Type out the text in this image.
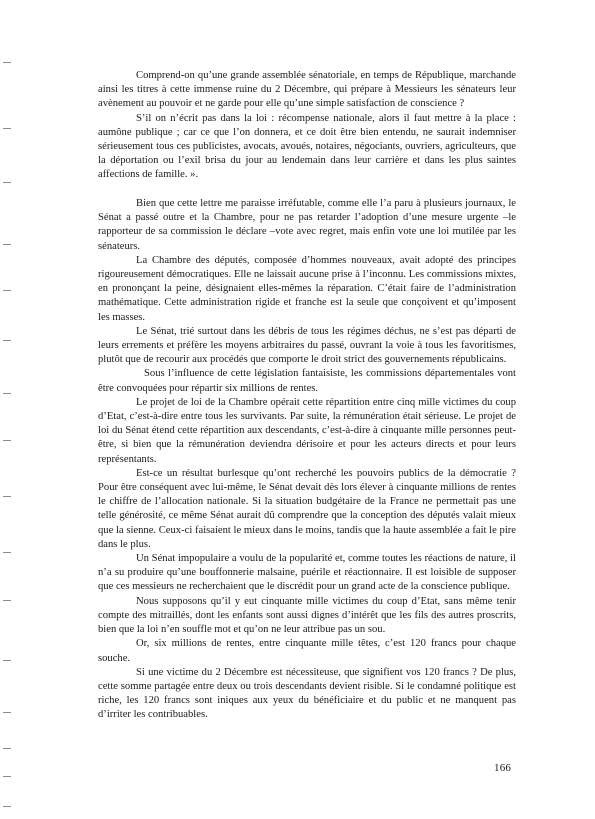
Comprend-on qu’une grande assemblée sénatoriale, en temps de République, marchande ainsi les titres à cette immense ruine du 2 Décembre, qui prépare à Messieurs les sénateurs leur avènement au pouvoir et ne garde pour elle qu’une simple satisfaction de conscience ?

S’il on n’écrit pas dans la loi : récompense nationale, alors il faut mettre à la place : aumône publique ; car ce que l’on donnera, et ce doit être bien entendu, ne saurait indemniser sérieusement tous ces publicistes, avocats, avoués, notaires, négociants, ouvriers, agriculteurs, que la déportation ou l’exil brisa du jour au lendemain dans leur carrière et dans les plus saintes affections de famille. ».

Bien que cette lettre me paraisse irréfutable, comme elle l’a paru à plusieurs journaux, le Sénat a passé outre et la Chambre, pour ne pas retarder l’adoption d’une mesure urgente –le rapporteur de sa commission le déclare –vote avec regret, mais enfin vote une loi mutilée par les sénateurs.

La Chambre des députés, composée d’hommes nouveaux, avait adopté des principes rigoureusement démocratiques. Elle ne laissait aucune prise à l’inconnu. Les commissions mixtes, en prononçant la peine, désignaient elles-mêmes la réparation. C’était faire de l’administration mathématique. Cette administration rigide et franche est la seule que conçoivent et qu’imposent les masses.

Le Sénat, trié surtout dans les débris de tous les régimes déchus, ne s’est pas départi de leurs errements et préfère les moyens arbitraires du passé, ouvrant la voie à tous les favoritismes, plutôt que de recourir aux procédés que comporte le droit strict des gouvernements républicains.

Sous l’influence de cette législation fantaisiste, les commissions départementales vont être convoquées pour répartir six millions de rentes.

Le projet de loi de la Chambre opérait cette répartition entre cinq mille victimes du coup d’Etat, c’est-à-dire entre tous les survivants. Par suite, la rémunération était sérieuse. Le projet de loi du Sénat étend cette répartition aux descendants, c’est-à-dire à cinquante mille personnes peut-être, si bien que la rémunération deviendra dérisoire et pour les acteurs directs et pour leurs représentants.

Est-ce un résultat burlesque qu’ont recherché les pouvoirs publics de la démocratie ? Pour être conséquent avec lui-même, le Sénat devait dès lors élever à cinquante millions de rentes le chiffre de l’allocation nationale. Si la situation budgétaire de la France ne permettait pas une telle générosité, ce même Sénat aurait dû comprendre que la conception des députés valait mieux que la sienne. Ceux-ci faisaient le mieux dans le moins, tandis que la haute assemblée a fait le pire dans le plus.

Un Sénat impopulaire a voulu de la popularité et, comme toutes les réactions de nature, il n’a su produire qu’une bouffonnerie malsaine, puérile et réactionnaire. Il est loisible de supposer que ces messieurs ne recherchaient que le discrédit pour un grand acte de la conscience publique.

Nous supposons qu’il y eut cinquante mille victimes du coup d’Etat, sans même tenir compte des mitraillés, dont les enfants sont aussi dignes d’intérêt que les fils des autres proscrits, bien que la loi n’en souffle mot et qu’on ne leur attribue pas un sou.

Or, six millions de rentes, entre cinquante mille têtes, c’est 120 francs pour chaque souche.

Si une victime du 2 Décembre est nécessiteuse, que signifient vos 120 francs ? De plus, cette somme partagée entre deux ou trois descendants devient risible. Si le condamné politique est riche, les 120 francs sont iniques aux yeux du bénéficiaire et du public et ne manquent pas d’irriter les contribuables.

166
